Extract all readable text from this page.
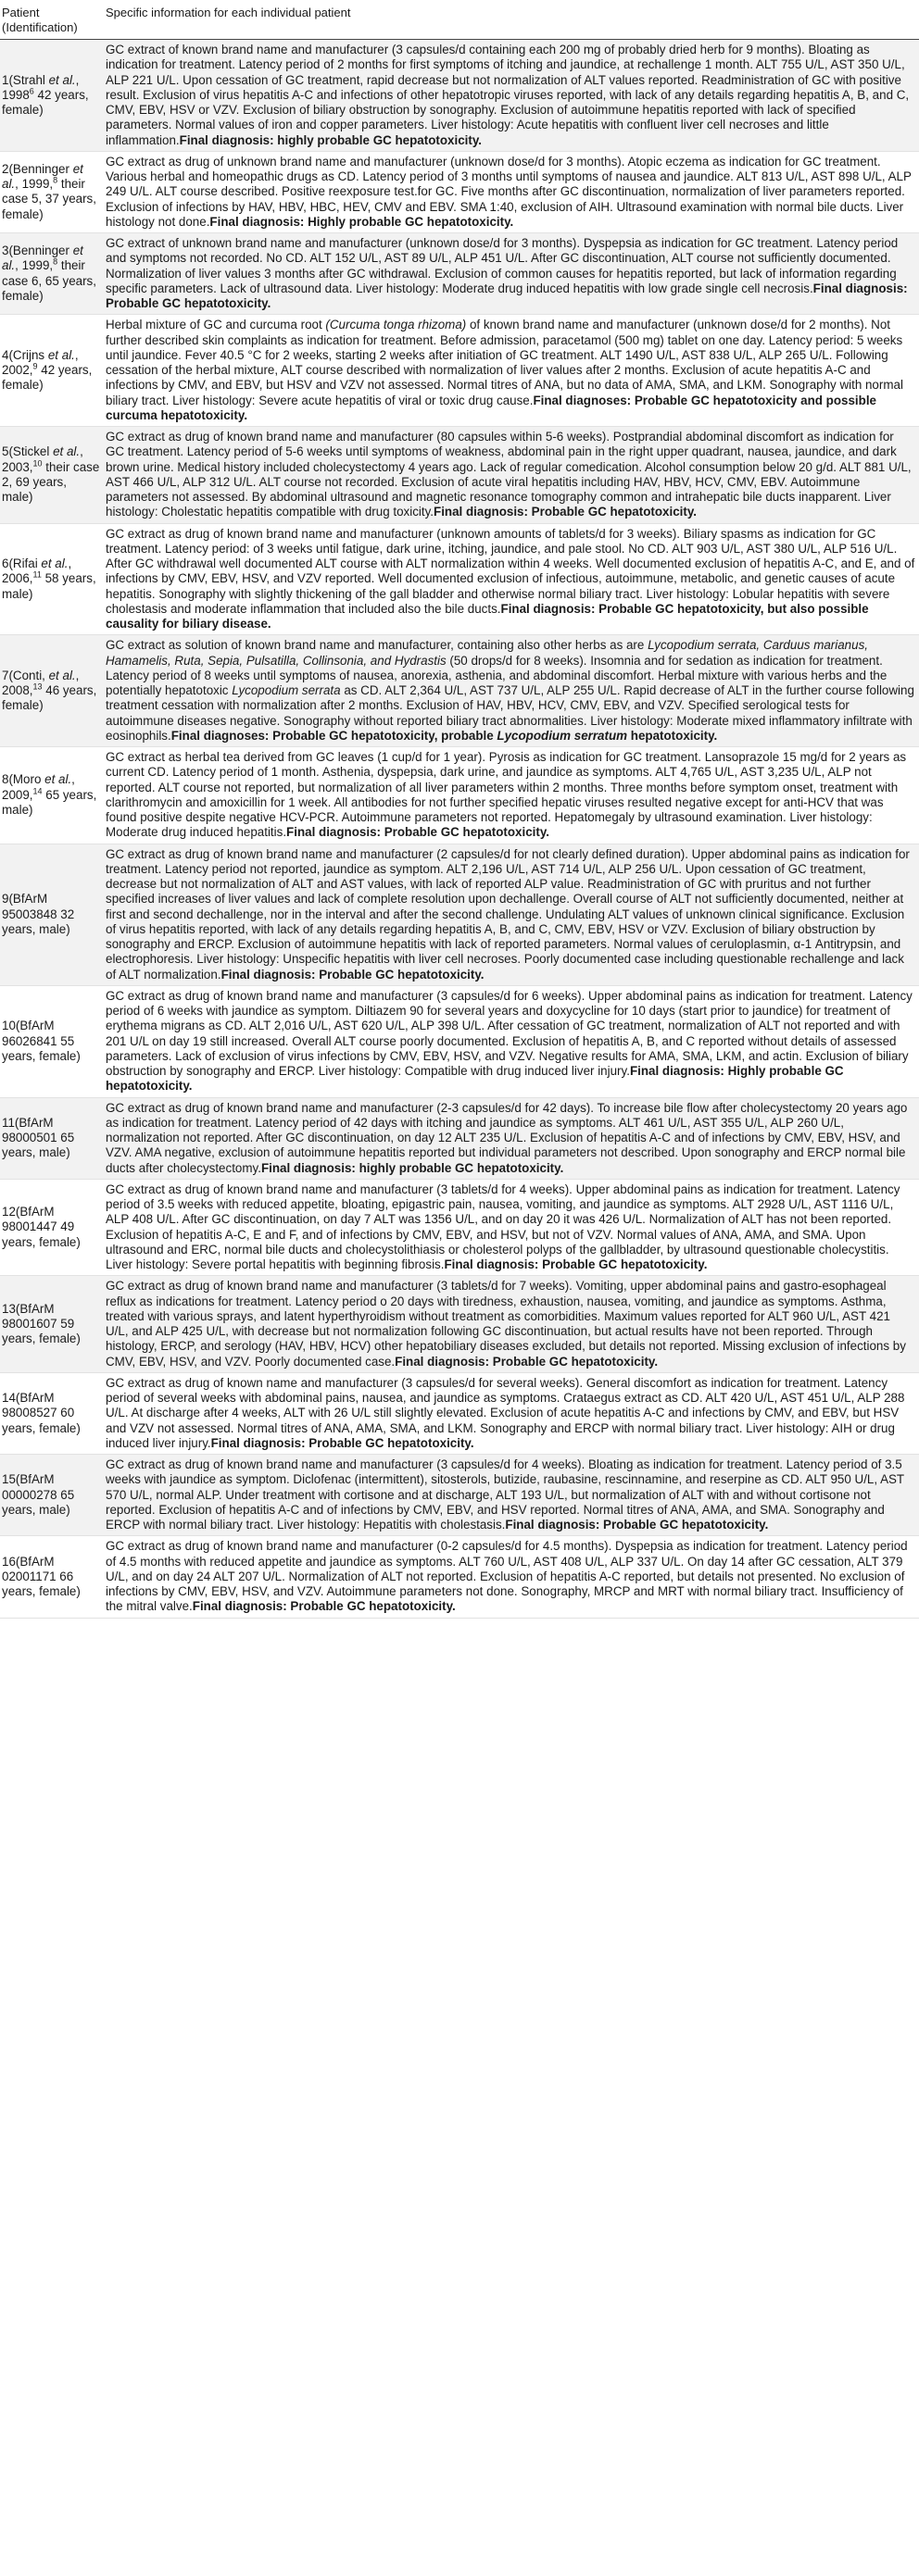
Patient (Identification)	Specific information for each individual patient
1(Strahl et al., 1998$^6$ 42 years, female)	GC extract of known brand name and manufacturer (3 capsules/d containing each 200 mg of probably dried herb for 9 months). Bloating as indication for treatment. Latency period of 2 months for first symptoms of itching and jaundice, at rechallenge 1 month. ALT 755 U/L, AST 350 U/L, ALP 221 U/L. Upon cessation of GC treatment, rapid decrease but not normalization of ALT values reported. Readministration of GC with positive result. Exclusion of virus hepatitis A-C and infections of other hepatotropic viruses reported, with lack of any details regarding hepatitis A, B, and C, CMV, EBV, HSV or VZV. Exclusion of biliary obstruction by sonography. Exclusion of autoimmune hepatitis reported with lack of specified parameters. Normal values of iron and copper parameters. Liver histology: Acute hepatitis with confluent liver cell necroses and little inflammation.Final diagnosis: highly probable GC hepatotoxicity.
2(Benninger et al., 1999,$^8$ their case 5, 37 years, female)	GC extract as drug of unknown brand name and manufacturer (unknown dose/d for 3 months). Atopic eczema as indication for GC treatment. Various herbal and homeopathic drugs as CD. Latency period of 3 months until symptoms of nausea and jaundice. ALT 813 U/L, AST 898 U/L, ALP 249 U/L. ALT course described. Positive reexposure test.for GC. Five months after GC discontinuation, normalization of liver parameters reported. Exclusion of infections by HAV, HBV, HBC, HEV, CMV and EBV. SMA 1:40, exclusion of AIH. Ultrasound examination with normal bile ducts. Liver histology not done.Final diagnosis: Highly probable GC hepatotoxicity.
3(Benninger et al., 1999,$^8$ their case 6, 65 years, female)	GC extract of unknown brand name and manufacturer (unknown dose/d for 3 months). Dyspepsia as indication for GC treatment. Latency period and symptoms not recorded. No CD. ALT 152 U/L, AST 89 U/L, ALP 451 U/L. After GC discontinuation, ALT course not sufficiently documented. Normalization of liver values 3 months after GC withdrawal. Exclusion of common causes for hepatitis reported, but lack of information regarding specific parameters. Lack of ultrasound data. Liver histology: Moderate drug induced hepatitis with low grade single cell necrosis.Final diagnosis: Probable GC hepatotoxicity.
4(Crijns et al., 2002,$^9$ 42 years, female)	Herbal mixture of GC and curcuma root (Curcuma tonga rhizoma) of known brand name and manufacturer (unknown dose/d for 2 months). Not further described skin complaints as indication for treatment. Before admission, paracetamol (500 mg) tablet on one day. Latency period: 5 weeks until jaundice. Fever 40.5 °C for 2 weeks, starting 2 weeks after initiation of GC treatment. ALT 1490 U/L, AST 838 U/L, ALP 265 U/L. Following cessation of the herbal mixture, ALT course described with normalization of liver values after 2 months. Exclusion of acute hepatitis A-C and infections by CMV, and EBV, but HSV and VZV not assessed. Normal titres of ANA, but no data of AMA, SMA, and LKM. Sonography with normal biliary tract. Liver histology: Severe acute hepatitis of viral or toxic drug cause.Final diagnoses: Probable GC hepatotoxicity and possible curcuma hepatotoxicity.
5(Stickel et al., 2003,10 their case 2, 69 years, male)	GC extract as drug of known brand name and manufacturer (80 capsules within 5-6 weeks). Postprandial abdominal discomfort as indication for GC treatment. Latency period of 5-6 weeks until symptoms of weakness, abdominal pain in the right upper quadrant, nausea, jaundice, and dark brown urine. Medical history included cholecystectomy 4 years ago. Lack of regular comedication. Alcohol consumption below 20 g/d. ALT 881 U/L, AST 466 U/L, ALP 312 U/L. ALT course not recorded. Exclusion of acute viral hepatitis including HAV, HBV, HCV, CMV, EBV. Autoimmune parameters not assessed. By abdominal ultrasound and magnetic resonance tomography common and intrahepatic bile ducts inapparent. Liver histology: Cholestatic hepatitis compatible with drug toxicity.Final diagnosis: Probable GC hepatotoxicity.
6(Rifai et al., 2006,11 58 years, male)	GC extract as drug of known brand name and manufacturer (unknown amounts of tablets/d for 3 weeks). Biliary spasms as indication for GC treatment. Latency period: of 3 weeks until fatigue, dark urine, itching, jaundice, and pale stool. No CD. ALT 903 U/L, AST 380 U/L, ALP 516 U/L. After GC withdrawal well documented ALT course with ALT normalization within 4 weeks. Well documented exclusion of hepatitis A-C, and E, and of infections by CMV, EBV, HSV, and VZV reported. Well documented exclusion of infectious, autoimmune, metabolic, and genetic causes of acute hepatitis. Sonography with slightly thickening of the gall bladder and otherwise normal biliary tract. Liver histology: Lobular hepatitis with severe cholestasis and moderate inflammation that included also the bile ducts.Final diagnosis: Probable GC hepatotoxicity, but also possible causality for biliary disease.
7(Conti, et al., 2008,13 46 years, female)	GC extract as solution of known brand name and manufacturer, containing also other herbs as are Lycopodium serrata, Carduus marianus, Hamamelis, Ruta, Sepia, Pulsatilla, Collinsonia, and Hydrastis (50 drops/d for 8 weeks). Insomnia and for sedation as indication for treatment. Latency period of 8 weeks until symptoms of nausea, anorexia, asthenia, and abdominal discomfort. Herbal mixture with various herbs and the potentially hepatotoxic Lycopodium serrata as CD. ALT 2,364 U/L, AST 737 U/L, ALP 255 U/L. Rapid decrease of ALT in the further course following treatment cessation with normalization after 2 months. Exclusion of HAV, HBV, HCV, CMV, EBV, and VZV. Specified serological tests for autoimmune diseases negative. Sonography without reported biliary tract abnormalities. Liver histology: Moderate mixed inflammatory infiltrate with eosinophils.Final diagnoses: Probable GC hepatotoxicity, probable Lycopodium serratum hepatotoxicity.
8(Moro et al., 2009,14 65 years, male)	GC extract as herbal tea derived from GC leaves (1 cup/d for 1 year). Pyrosis as indication for GC treatment. Lansoprazole 15 mg/d for 2 years as current CD. Latency period of 1 month. Asthenia, dyspepsia, dark urine, and jaundice as symptoms. ALT 4,765 U/L, AST 3,235 U/L, ALP not reported. ALT course not reported, but normalization of all liver parameters within 2 months. Three months before symptom onset, treatment with clarithromycin and amoxicillin for 1 week. All antibodies for not further specified hepatic viruses resulted negative except for anti-HCV that was found positive despite negative HCV-PCR. Autoimmune parameters not reported. Hepatomegaly by ultrasound examination. Liver histology: Moderate drug induced hepatitis.Final diagnosis: Probable GC hepatotoxicity.
9(BfArM 95003848 32 years, male)	GC extract as drug of known brand name and manufacturer (2 capsules/d for not clearly defined duration). Upper abdominal pains as indication for treatment. Latency period not reported, jaundice as symptom. ALT 2,196 U/L, AST 714 U/L, ALP 256 U/L. Upon cessation of GC treatment, decrease but not normalization of ALT and AST values, with lack of reported ALP value. Readministration of GC with pruritus and not further specified increases of liver values and lack of complete resolution upon dechallenge. Overall course of ALT not sufficiently documented, neither at first and second dechallenge, nor in the interval and after the second challenge. Undulating ALT values of unknown clinical significance. Exclusion of virus hepatitis reported, with lack of any details regarding hepatitis A, B, and C, CMV, EBV, HSV or VZV. Exclusion of biliary obstruction by sonography and ERCP. Exclusion of autoimmune hepatitis with lack of reported parameters. Normal values of ceruloplasmin, α-1 Antitrypsin, and electrophoresis. Liver histology: Unspecific hepatitis with liver cell necroses. Poorly documented case including questionable rechallenge and lack of ALT normalization.Final diagnosis: Probable GC hepatotoxicity.
10(BfArM 96026841 55 years, female)	GC extract as drug of known brand name and manufacturer (3 capsules/d for 6 weeks). Upper abdominal pains as indication for treatment. Latency period of 6 weeks with jaundice as symptom. Diltiazem 90 for several years and doxycycline for 10 days (start prior to jaundice) for treatment of erythema migrans as CD. ALT 2,016 U/L, AST 620 U/L, ALP 398 U/L. After cessation of GC treatment, normalization of ALT not reported and with 201 U/L on day 19 still increased. Overall ALT course poorly documented. Exclusion of hepatitis A, B, and C reported without details of assessed parameters. Lack of exclusion of virus infections by CMV, EBV, HSV, and VZV. Negative results for AMA, SMA, LKM, and actin. Exclusion of biliary obstruction by sonography and ERCP. Liver histology: Compatible with drug induced liver injury.Final diagnosis: Highly probable GC hepatotoxicity.
11(BfArM 98000501 65 years, male)	GC extract as drug of known brand name and manufacturer (2-3 capsules/d for 42 days). To increase bile flow after cholecystectomy 20 years ago as indication for treatment. Latency period of 42 days with itching and jaundice as symptoms. ALT 461 U/L, AST 355 U/L, ALP 260 U/L, normalization not reported. After GC discontinuation, on day 12 ALT 235 U/L. Exclusion of hepatitis A-C and of infections by CMV, EBV, HSV, and VZV. AMA negative, exclusion of autoimmune hepatitis reported but individual parameters not described. Upon sonography and ERCP normal bile ducts after cholecystectomy.Final diagnosis: highly probable GC hepatotoxicity.
12(BfArM 98001447 49 years, female)	GC extract as drug of known brand name and manufacturer (3 tablets/d for 4 weeks). Upper abdominal pains as indication for treatment. Latency period of 3.5 weeks with reduced appetite, bloating, epigastric pain, nausea, vomiting, and jaundice as symptoms. ALT 2928 U/L, AST 1116 U/L, ALP 408 U/L. After GC discontinuation, on day 7 ALT was 1356 U/L, and on day 20 it was 426 U/L. Normalization of ALT has not been reported. Exclusion of hepatitis A-C, E and F, and of infections by CMV, EBV, and HSV, but not of VZV. Normal values of ANA, AMA, and SMA. Upon ultrasound and ERC, normal bile ducts and cholecystolithiasis or cholesterol polyps of the gallbladder, by ultrasound questionable cholecystitis. Liver histology: Severe portal hepatitis with beginning fibrosis.Final diagnosis: Probable GC hepatotoxicity.
13(BfArM 98001607 59 years, female)	GC extract as drug of known brand name and manufacturer (3 tablets/d for 7 weeks). Vomiting, upper abdominal pains and gastro-esophageal reflux as indications for treatment. Latency period o 20 days with tiredness, exhaustion, nausea, vomiting, and jaundice as symptoms. Asthma, treated with various sprays, and latent hyperthyroidism without treatment as comorbidities. Maximum values reported for ALT 960 U/L, AST 421 U/L, and ALP 425 U/L, with decrease but not normalization following GC discontinuation, but actual results have not been reported. Through histology, ERCP, and serology (HAV, HBV, HCV) other hepatobiliary diseases excluded, but details not reported. Missing exclusion of infections by CMV, EBV, HSV, and VZV. Poorly documented case.Final diagnosis: Probable GC hepatotoxicity.
14(BfArM 98008527 60 years, female)	GC extract as drug of known name and manufacturer (3 capsules/d for several weeks). General discomfort as indication for treatment. Latency period of several weeks with abdominal pains, nausea, and jaundice as symptoms. Crataegus extract as CD. ALT 420 U/L, AST 451 U/L, ALP 288 U/L. At discharge after 4 weeks, ALT with 26 U/L still slightly elevated. Exclusion of acute hepatitis A-C and infections by CMV, and EBV, but HSV and VZV not assessed. Normal titres of ANA, AMA, SMA, and LKM. Sonography and ERCP with normal biliary tract. Liver histology: AIH or drug induced liver injury.Final diagnosis: Probable GC hepatotoxicity.
15(BfArM 00000278 65 years, male)	GC extract as drug of known brand name and manufacturer (3 capsules/d for 4 weeks). Bloating as indication for treatment. Latency period of 3.5 weeks with jaundice as symptom. Diclofenac (intermittent), sitosterols, butizide, raubasine, rescinnamine, and reserpine as CD. ALT 950 U/L, AST 570 U/L, normal ALP. Under treatment with cortisone and at discharge, ALT 193 U/L, but normalization of ALT with and without cortisone not reported. Exclusion of hepatitis A-C and of infections by CMV, EBV, and HSV reported. Normal titres of ANA, AMA, and SMA. Sonography and ERCP with normal biliary tract. Liver histology: Hepatitis with cholestasis.Final diagnosis: Probable GC hepatotoxicity.
16(BfArM 02001171 66 years, female)	GC extract as drug of known brand name and manufacturer (0-2 capsules/d for 4.5 months). Dyspepsia as indication for treatment. Latency period of 4.5 months with reduced appetite and jaundice as symptoms. ALT 760 U/L, AST 408 U/L, ALP 337 U/L. On day 14 after GC cessation, ALT 379 U/L, and on day 24 ALT 207 U/L. Normalization of ALT not reported. Exclusion of hepatitis A-C reported, but details not presented. No exclusion of infections by CMV, EBV, HSV, and VZV. Autoimmune parameters not done. Sonography, MRCP and MRT with normal biliary tract. Insufficiency of the mitral valve.Final diagnosis: Probable GC hepatotoxicity.
